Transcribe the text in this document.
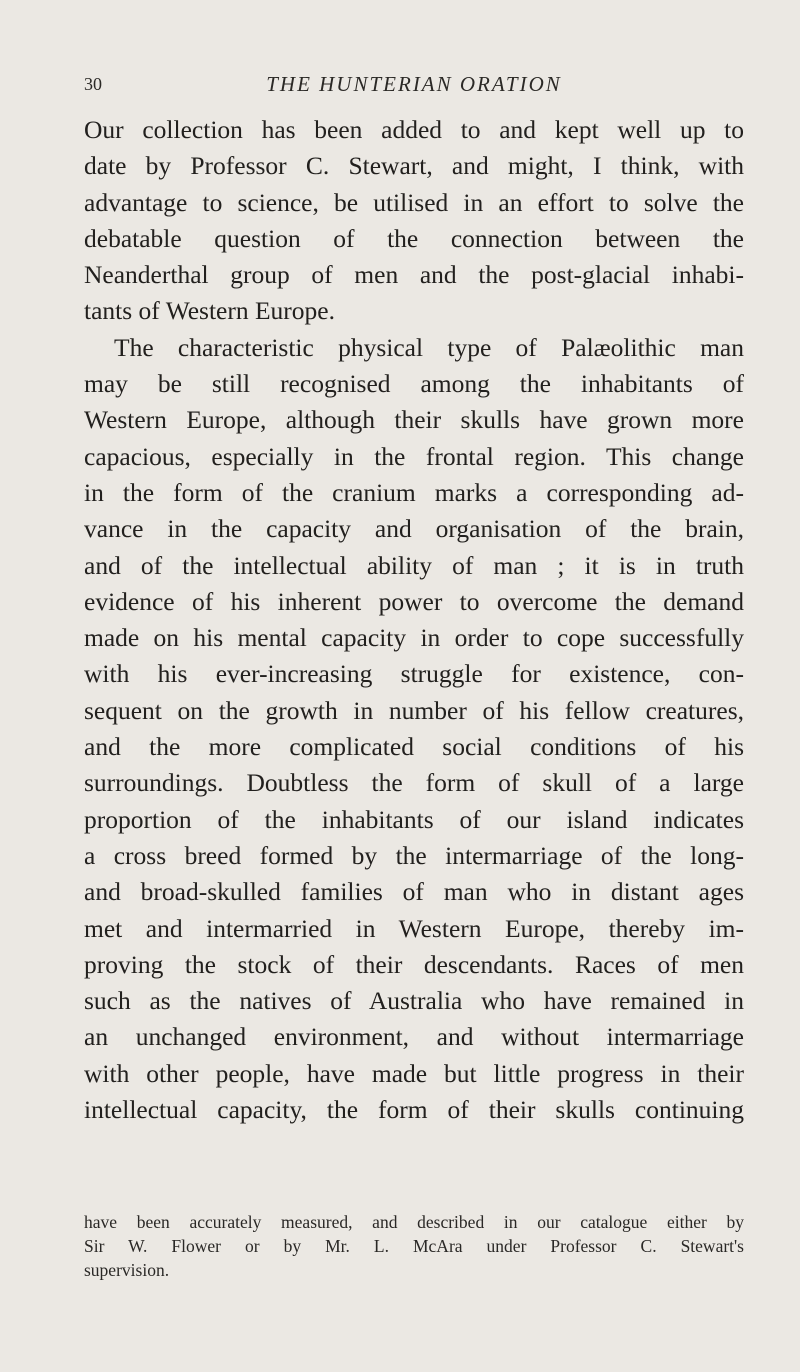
30	THE HUNTERIAN ORATION
Our collection has been added to and kept well up to
date by Professor C. Stewart, and might, I think, with
advantage to science, be utilised in an effort to solve the
debatable question of the connection between the
Neanderthal group of men and the post-glacial inhabi-
tants of Western Europe.
The characteristic physical type of Palæolithic man
may be still recognised among the inhabitants of
Western Europe, although their skulls have grown more
capacious, especially in the frontal region. This change
in the form of the cranium marks a corresponding ad-
vance in the capacity and organisation of the brain,
and of the intellectual ability of man ; it is in truth
evidence of his inherent power to overcome the demand
made on his mental capacity in order to cope successfully
with his ever-increasing struggle for existence, con-
sequent on the growth in number of his fellow creatures,
and the more complicated social conditions of his
surroundings. Doubtless the form of skull of a large
proportion of the inhabitants of our island indicates
a cross breed formed by the intermarriage of the long-
and broad-skulled families of man who in distant ages
met and intermarried in Western Europe, thereby im-
proving the stock of their descendants. Races of men
such as the natives of Australia who have remained in
an unchanged environment, and without intermarriage
with other people, have made but little progress in their
intellectual capacity, the form of their skulls continuing
have been accurately measured, and described in our catalogue either by
Sir W. Flower or by Mr. L. McAra under Professor C. Stewart's
supervision.
